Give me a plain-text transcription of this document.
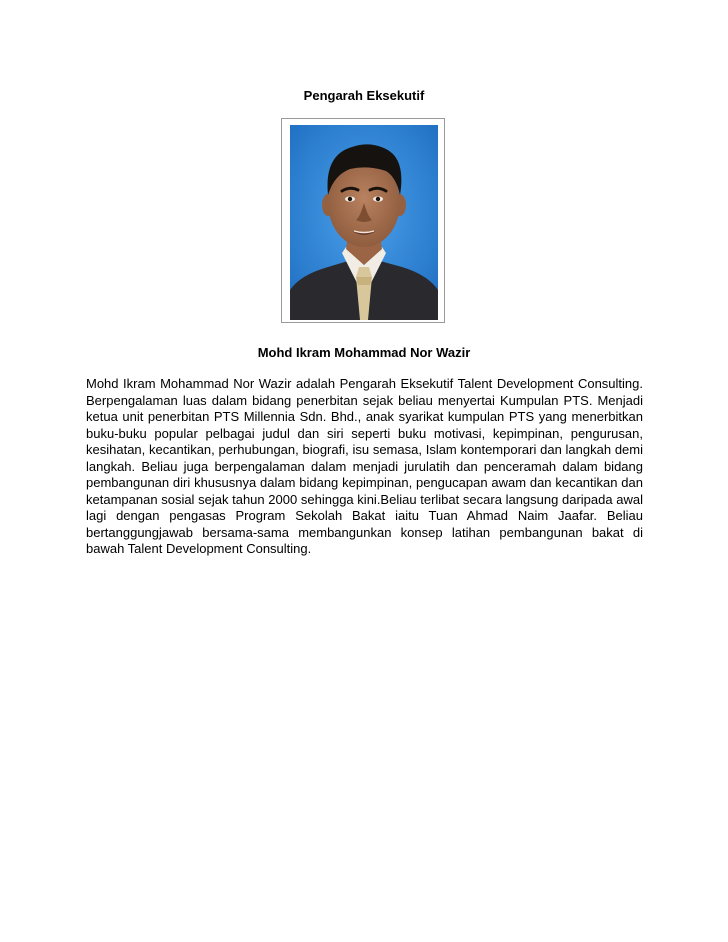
Pengarah Eksekutif
Mohd Ikram Mohammad Nor Wazir

Mohd Ikram Mohammad Nor Wazir adalah Pengarah Eksekutif Talent Development Consulting. Berpengalaman luas dalam bidang penerbitan sejak beliau menyertai Kumpulan PTS. Menjadi ketua unit penerbitan PTS Millennia Sdn. Bhd., anak syarikat kumpulan PTS yang menerbitkan buku-buku popular pelbagai judul dan siri seperti buku motivasi, kepimpinan, pengurusan, kesihatan, kecantikan, perhubungan, biografi, isu semasa, Islam kontemporari dan langkah demi langkah. Beliau juga berpengalaman dalam menjadi jurulatih dan penceramah dalam bidang pembangunan diri khususnya dalam bidang kepimpinan, pengucapan awam dan kecantikan dan ketampanan sosial sejak tahun 2000 sehingga kini.Beliau terlibat secara langsung daripada awal lagi dengan pengasas Program Sekolah Bakat iaitu Tuan Ahmad Naim Jaafar. Beliau bertanggungjawab bersama-sama membangunkan konsep latihan pembangunan bakat di bawah Talent Development Consulting.
